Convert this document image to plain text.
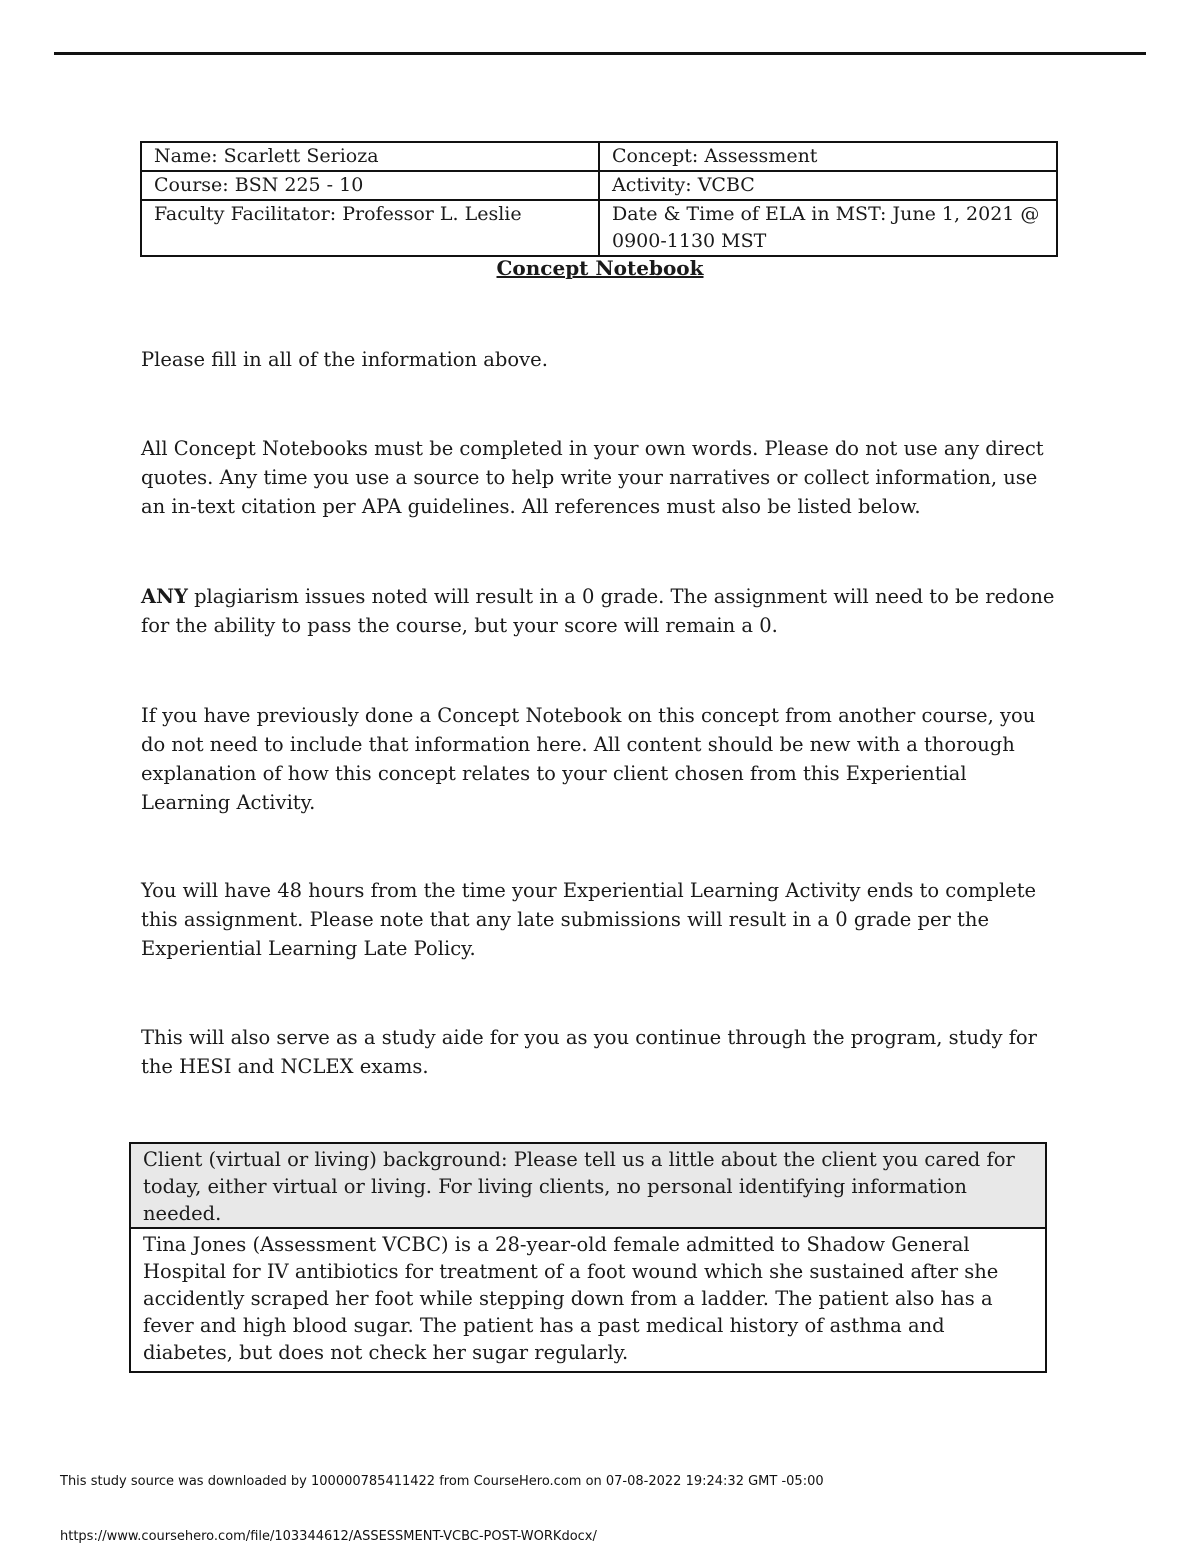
Name: Scarlett Serioza	Concept: Assessment
Course: BSN 225 - 10	Activity: VCBC
Faculty Facilitator: Professor L. Leslie	Date & Time of ELA in MST: June 1, 2021 @ 0900-1130 MST
Concept Notebook

Please fill in all of the information above.

All Concept Notebooks must be completed in your own words. Please do not use any direct quotes. Any time you use a source to help write your narratives or collect information, use an in-text citation per APA guidelines. All references must also be listed below.

ANY plagiarism issues noted will result in a 0 grade. The assignment will need to be redone for the ability to pass the course, but your score will remain a 0.

If you have previously done a Concept Notebook on this concept from another course, you do not need to include that information here. All content should be new with a thorough explanation of how this concept relates to your client chosen from this Experiential Learning Activity.

You will have 48 hours from the time your Experiential Learning Activity ends to complete this assignment. Please note that any late submissions will result in a 0 grade per the Experiential Learning Late Policy.

This will also serve as a study aide for you as you continue through the program, study for the HESI and NCLEX exams.

Client (virtual or living) background: Please tell us a little about the client you cared for today, either virtual or living. For living clients, no personal identifying information needed.
Tina Jones (Assessment VCBC) is a 28-year-old female admitted to Shadow General Hospital for IV antibiotics for treatment of a foot wound which she sustained after she accidently scraped her foot while stepping down from a ladder. The patient also has a fever and high blood sugar. The patient has a past medical history of asthma and diabetes, but does not check her sugar regularly.
This study source was downloaded by 100000785411422 from CourseHero.com on 07-08-2022 19:24:32 GMT -05:00
https://www.coursehero.com/file/103344612/ASSESSMENT-VCBC-POST-WORKdocx/
